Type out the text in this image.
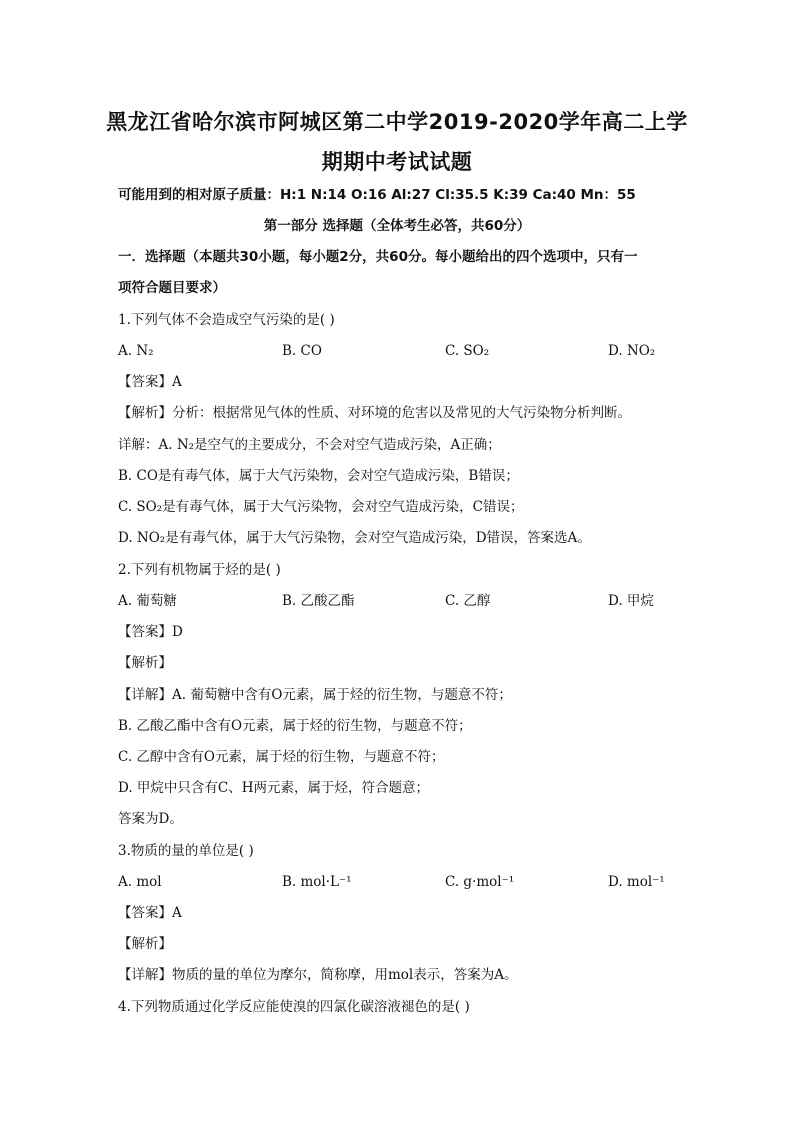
黑龙江省哈尔滨市阿城区第二中学2019-2020学年高二上学
期期中考试试题
可能用到的相对原子质量：H:1 N:14 O:16 Al:27 Cl:35.5 K:39 Ca:40 Mn：55
第一部分 选择题（全体考生必答，共60分）
一．选择题（本题共30小题，每小题2分，共60分。每小题给出的四个选项中，只有一
项符合题目要求）
1.下列气体不会造成空气污染的是( )
A. N₂	B. CO	C. SO₂	D. NO₂
【答案】A
【解析】分析：根据常见气体的性质、对环境的危害以及常见的大气污染物分析判断。
详解：A. N₂是空气的主要成分，不会对空气造成污染，A正确；
B. CO是有毒气体，属于大气污染物，会对空气造成污染，B错误；
C. SO₂是有毒气体，属于大气污染物，会对空气造成污染，C错误；
D. NO₂是有毒气体，属于大气污染物，会对空气造成污染，D错误，答案选A。
2.下列有机物属于烃的是( )
A. 葡萄糖	B. 乙酸乙酯	C. 乙醇	D. 甲烷
【答案】D
【解析】
【详解】A. 葡萄糖中含有O元素，属于烃的衍生物，与题意不符；
B. 乙酸乙酯中含有O元素，属于烃的衍生物，与题意不符；
C. 乙醇中含有O元素，属于烃的衍生物，与题意不符；
D. 甲烷中只含有C、H两元素，属于烃，符合题意；
答案为D。
3.物质的量的单位是( )
A. mol	B. mol·L⁻¹	C. g·mol⁻¹	D. mol⁻¹
【答案】A
【解析】
【详解】物质的量的单位为摩尔，简称摩，用mol表示，答案为A。
4.下列物质通过化学反应能使溴的四氯化碳溶液褪色的是( )
